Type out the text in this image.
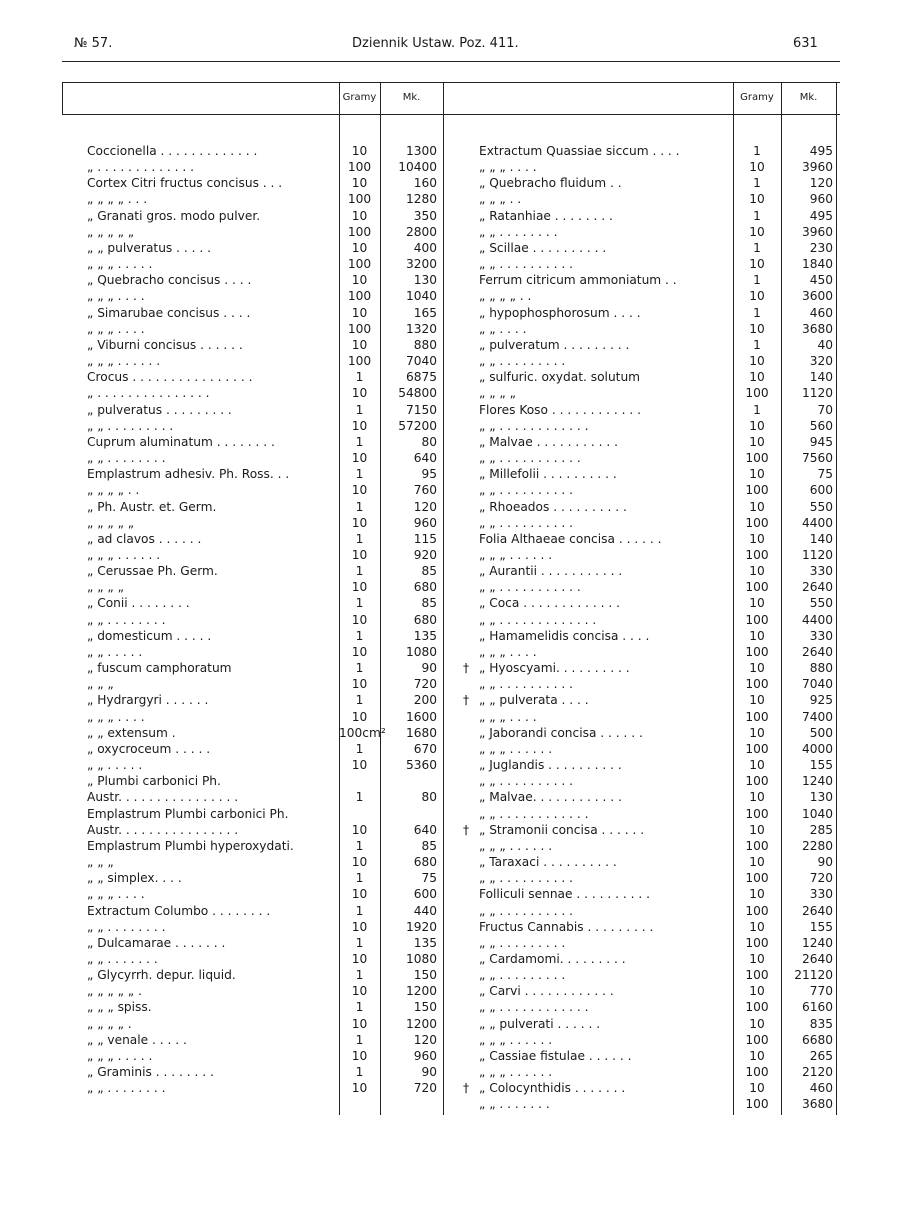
№ 57.	Dziennik Ustaw. Poz. 411.	631
Gramy	Mk.	Gramy	Mk.
Coccionella . . . . . . . . . . . . .	10	1300
„ . . . . . . . . . . . . .	100	10400
Cortex Citri fructus concisus . . .	10	160
„ „ „ „ . . .	100	1280
„ Granati gros. modo pulver.	10	350
„ „ „ „ „	100	2800
„ „ pulveratus . . . . .	10	400
„ „ „ . . . . .	100	3200
„ Quebracho concisus . . . .	10	130
„ „ „ . . . .	100	1040
„ Simarubae concisus . . . .	10	165
„ „ „ . . . .	100	1320
„ Viburni concisus . . . . . .	10	880
„ „ „ . . . . . .	100	7040
Crocus . . . . . . . . . . . . . . . .	1	6875
„ . . . . . . . . . . . . . . .	10	54800
„ pulveratus . . . . . . . . .	1	7150
„ „ . . . . . . . . .	10	57200
Cuprum aluminatum . . . . . . . .	1	80
„ „ . . . . . . . .	10	640
Emplastrum adhesiv. Ph. Ross. . .	1	95
„ „ „ „ . .	10	760
„ Ph. Austr. et. Germ.	1	120
„ „ „ „ „	10	960
„ ad clavos . . . . . .	1	115
„ „ „ . . . . . .	10	920
„ Cerussae Ph. Germ.	1	85
„ „ „ „	10	680
„ Conii . . . . . . . .	1	85
„ „ . . . . . . . .	10	680
„ domesticum . . . . .	1	135
„ „ . . . . .	10	1080
„ fuscum camphoratum	1	90
„ „ „	10	720
„ Hydrargyri . . . . . .	1	200
„ „ „ . . . .	10	1600
„ „ extensum .	100cm²	1680
„ oxycroceum . . . . .	1	670
„ „ . . . . .	10	5360
„ Plumbi carbonici Ph.
Austr. . . . . . . . . . . . . . . .	1	80
Emplastrum Plumbi carbonici Ph.
Austr. . . . . . . . . . . . . . . .	10	640
Emplastrum Plumbi hyperoxydati.	1	85
„ „ „	10	680
„ „ simplex. . . .	1	75
„ „ „ . . . .	10	600
Extractum Columbo . . . . . . . .	1	440
„ „ . . . . . . . .	10	1920
„ Dulcamarae . . . . . . .	1	135
„ „ . . . . . . .	10	1080
„ Glycyrrh. depur. liquid.	1	150
„ „ „ „ „ .	10	1200
„ „ „ spiss.	1	150
„ „ „ „ .	10	1200
„ „ venale . . . . .	1	120
„ „ „ . . . . .	10	960
„ Graminis . . . . . . . .	1	90
„ „ . . . . . . . .	10	720
Extractum Quassiae siccum . . . .	1	495
„ „ „ . . . .	10	3960
„ Quebracho fluidum . .	1	120
„ „ „ . .	10	960
„ Ratanhiae . . . . . . . .	1	495
„ „ . . . . . . . .	10	3960
„ Scillae . . . . . . . . . .	1	230
„ „ . . . . . . . . . .	10	1840
Ferrum citricum ammoniatum . .	1	450
„ „ „ „ . .	10	3600
„ hypophosphorosum . . . .	1	460
„ „ . . . .	10	3680
„ pulveratum . . . . . . . . .	1	40
„ „ . . . . . . . . .	10	320
„ sulfuric. oxydat. solutum	10	140
„ „ „ „	100	1120
Flores Koso . . . . . . . . . . . .	1	70
„ „ . . . . . . . . . . . .	10	560
„ Malvae . . . . . . . . . . .	10	945
„ „ . . . . . . . . . . .	100	7560
„ Millefolii . . . . . . . . . .	10	75
„ „ . . . . . . . . . .	100	600
„ Rhoeados . . . . . . . . . .	10	550
„ „ . . . . . . . . . .	100	4400
Folia Althaeae concisa . . . . . .	10	140
„ „ „ . . . . . .	100	1120
„ Aurantii . . . . . . . . . . .	10	330
„ „ . . . . . . . . . . .	100	2640
„ Coca . . . . . . . . . . . . .	10	550
„ „ . . . . . . . . . . . . .	100	4400
„ Hamamelidis concisa . . . .	10	330
„ „ „ . . . .	100	2640
† „ Hyoscyami. . . . . . . . . .	10	880
„ „ . . . . . . . . . .	100	7040
† „ „ pulverata . . . .	10	925
„ „ „ . . . .	100	7400
„ Jaborandi concisa . . . . . .	10	500
„ „ „ . . . . . .	100	4000
„ Juglandis . . . . . . . . . .	10	155
„ „ . . . . . . . . . .	100	1240
„ Malvae. . . . . . . . . . . .	10	130
„ „ . . . . . . . . . . . .	100	1040
† „ Stramonii concisa . . . . . .	10	285
„ „ „ . . . . . .	100	2280
„ Taraxaci . . . . . . . . . .	10	90
„ „ . . . . . . . . . .	100	720
Folliculi sennae . . . . . . . . . .	10	330
„ „ . . . . . . . . . .	100	2640
Fructus Cannabis . . . . . . . . .	10	155
„ „ . . . . . . . . .	100	1240
„ Cardamomi. . . . . . . . .	10	2640
„ „ . . . . . . . . .	100	21120
„ Carvi . . . . . . . . . . . .	10	770
„ „ . . . . . . . . . . . .	100	6160
„ „ pulverati . . . . . .	10	835
„ „ „ . . . . . .	100	6680
„ Cassiae fistulae . . . . . .	10	265
„ „ „ . . . . . .	100	2120
† „ Colocynthidis . . . . . . .	10	460
„ „ . . . . . . .	100	3680
